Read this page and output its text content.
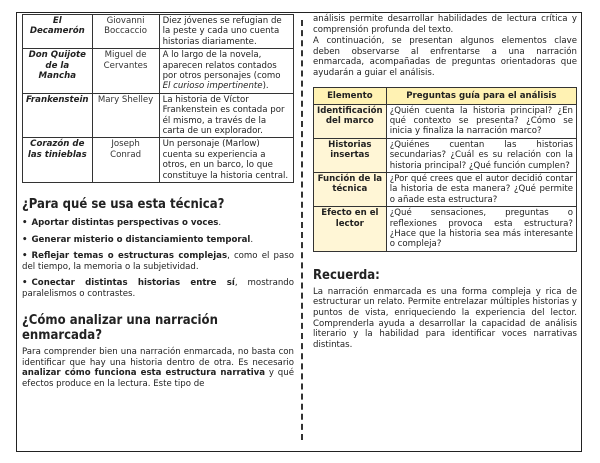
El Decamerón	Giovanni Boccaccio	Diez jóvenes se refugian de la peste y cada uno cuenta historias diariamente.
Don Quijote de la Mancha	Miguel de Cervantes	A lo largo de la novela, aparecen relatos contados por otros personajes (como El curioso impertinente).
Frankenstein	Mary Shelley	La historia de Víctor Frankenstein es contada por él mismo, a través de la carta de un explorador.
Corazón de las tinieblas	Joseph Conrad	Un personaje (Marlow) cuenta su experiencia a otros, en un barco, lo que constituye la historia central.
¿Para qué se usa esta técnica?
• Aportar distintas perspectivas o voces.
• Generar misterio o distanciamiento temporal.
• Reflejar temas o estructuras complejas, como el paso del tiempo, la memoria o la subjetividad.
• Conectar distintas historias entre sí, mostrando paralelismos o contrastes.
¿Cómo analizar una narración enmarcada?

Para comprender bien una narración enmarcada, no basta con identificar que hay una historia dentro de otra. Es necesario analizar cómo funciona esta estructura narrativa y qué efectos produce en la lectura. Este tipo de

análisis permite desarrollar habilidades de lectura crítica y comprensión profunda del texto.

A continuación, se presentan algunos elementos clave deben observarse al enfrentarse a una narración enmarcada, acompañadas de preguntas orientadoras que ayudarán a guiar el análisis.

Elemento	Preguntas guía para el análisis
Identificación del marco	¿Quién cuenta la historia principal? ¿En qué contexto se presenta? ¿Cómo se inicia y finaliza la narración marco?
Historias insertas	¿Quiénes cuentan las historias secundarias? ¿Cuál es su relación con la historia principal? ¿Qué función cumplen?
Función de la técnica	¿Por qué crees que el autor decidió contar la historia de esta manera? ¿Qué permite o añade esta estructura?
Efecto en el lector	¿Qué sensaciones, preguntas o reflexiones provoca esta estructura? ¿Hace que la historia sea más interesante o compleja?
Recuerda:

La narración enmarcada es una forma compleja y rica de estructurar un relato. Permite entrelazar múltiples historias y puntos de vista, enriqueciendo la experiencia del lector. Comprenderla ayuda a desarrollar la capacidad de análisis literario y la habilidad para identificar voces narrativas distintas.
